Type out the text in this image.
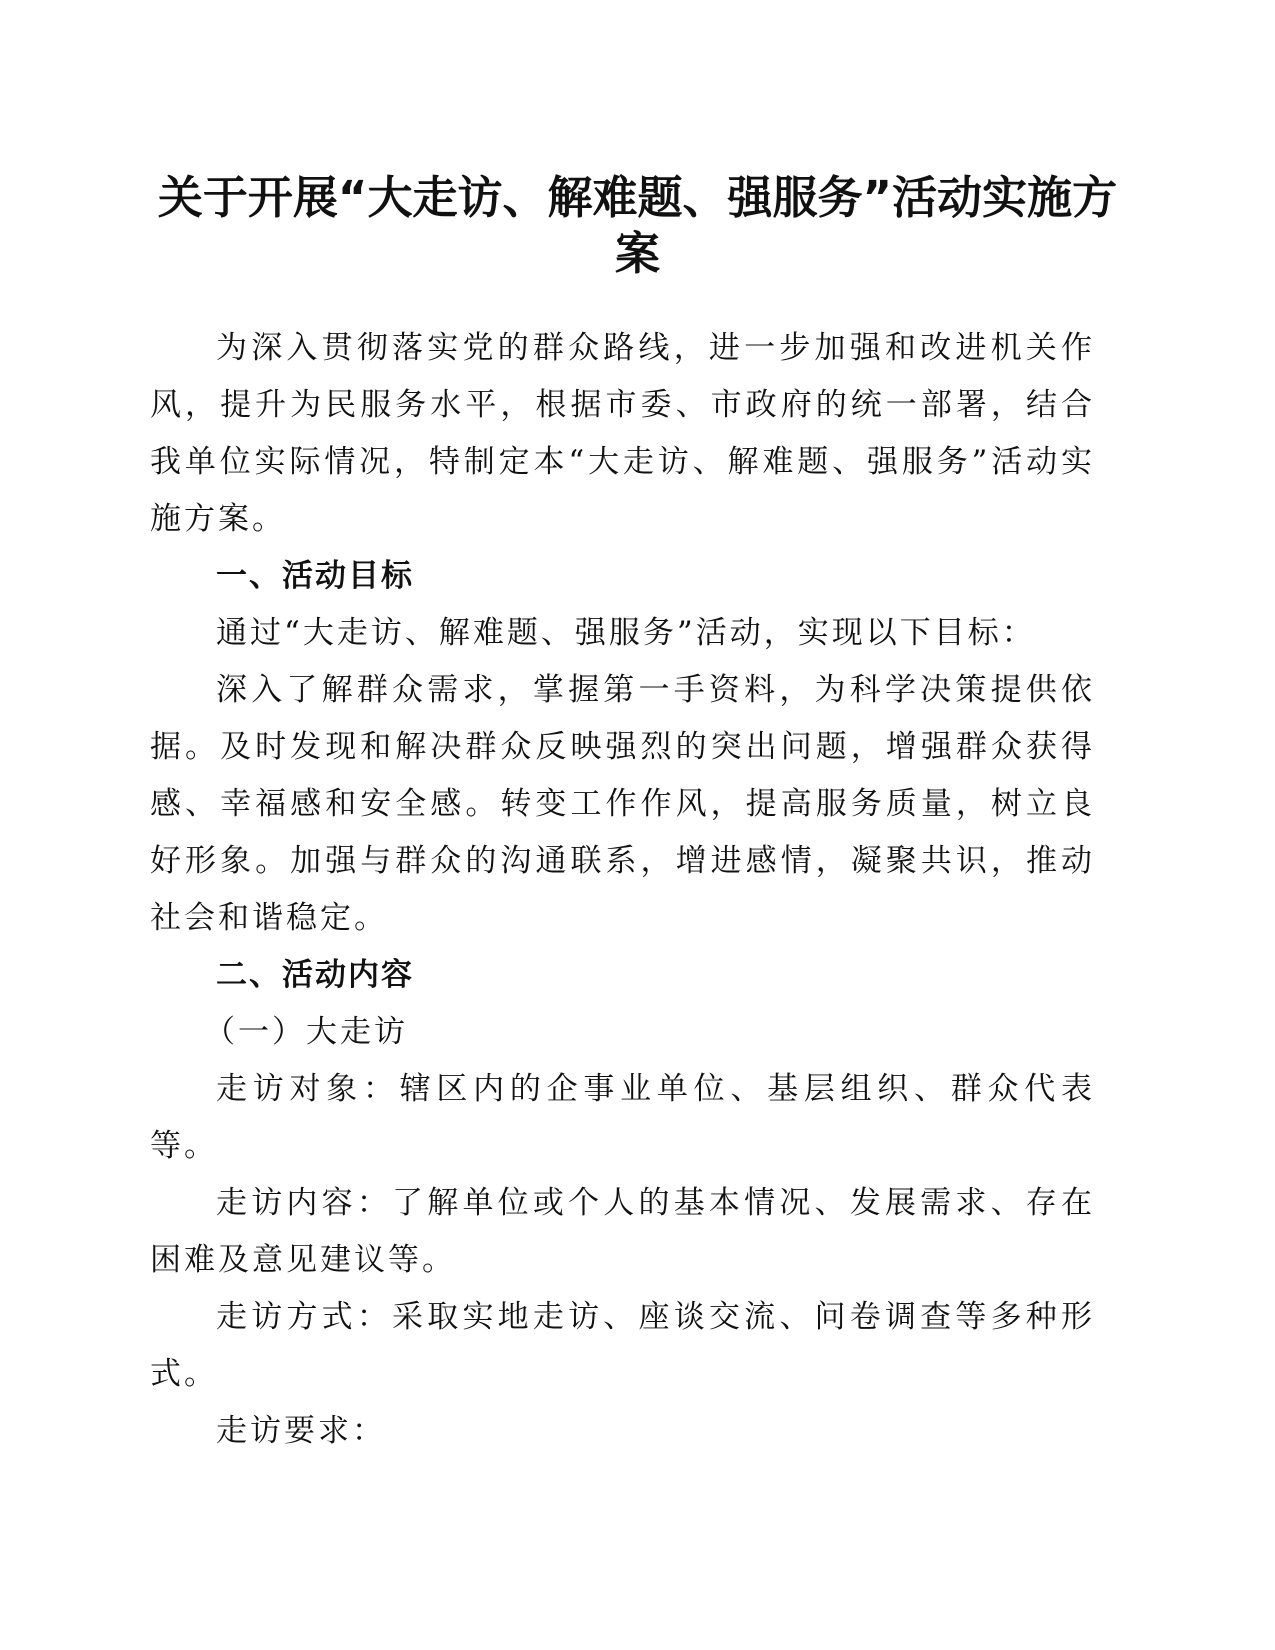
关于开展“大走访、解难题、强服务”活动实施方案

为深入贯彻落实党的群众路线，进一步加强和改进机关作风，提升为民服务水平，根据市委、市政府的统一部署，结合我单位实际情况，特制定本“大走访、解难题、强服务”活动实施方案。

一、活动目标

通过“大走访、解难题、强服务”活动，实现以下目标：

深入了解群众需求，掌握第一手资料，为科学决策提供依据。及时发现和解决群众反映强烈的突出问题，增强群众获得感、幸福感和安全感。转变工作作风，提高服务质量，树立良好形象。加强与群众的沟通联系，增进感情，凝聚共识，推动社会和谐稳定。

二、活动内容

（一）大走访

走访对象：辖区内的企事业单位、基层组织、群众代表等。

走访内容：了解单位或个人的基本情况、发展需求、存在困难及意见建议等。

走访方式：采取实地走访、座谈交流、问卷调查等多种形式。

走访要求：
